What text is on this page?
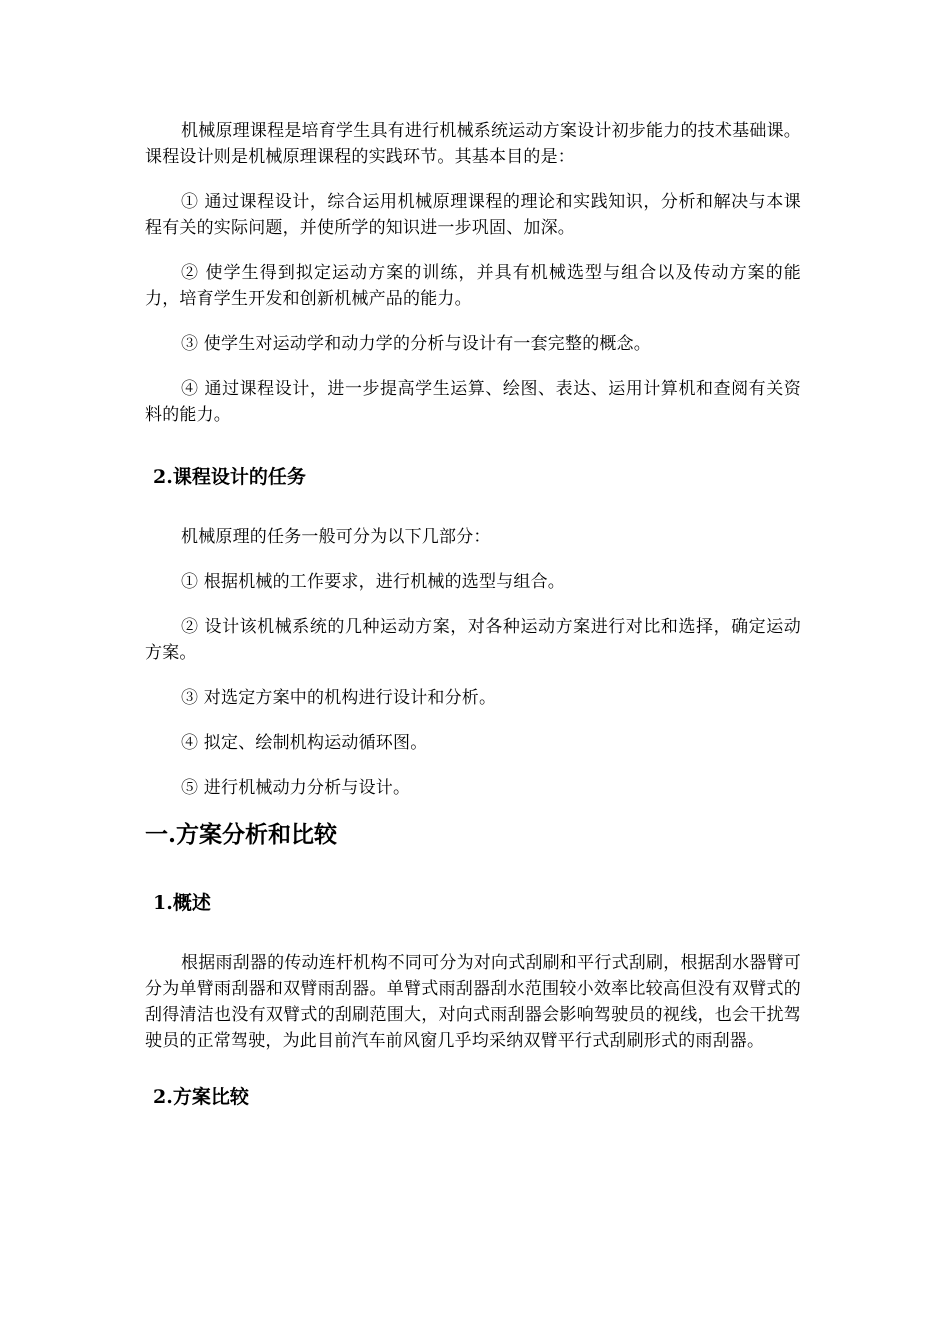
机械原理课程是培育学生具有进行机械系统运动方案设计初步能力的技术基础课。课程设计则是机械原理课程的实践环节。其基本目的是：

① 通过课程设计，综合运用机械原理课程的理论和实践知识，分析和解决与本课程有关的实际问题，并使所学的知识进一步巩固、加深。

② 使学生得到拟定运动方案的训练，并具有机械选型与组合以及传动方案的能力，培育学生开发和创新机械产品的能力。

③ 使学生对运动学和动力学的分析与设计有一套完整的概念。

④ 通过课程设计，进一步提高学生运算、绘图、表达、运用计算机和查阅有关资料的能力。

2.课程设计的任务

机械原理的任务一般可分为以下几部分：

① 根据机械的工作要求，进行机械的选型与组合。

② 设计该机械系统的几种运动方案，对各种运动方案进行对比和选择，确定运动方案。

③ 对选定方案中的机构进行设计和分析。

④ 拟定、绘制机构运动循环图。

⑤ 进行机械动力分析与设计。

一.方案分析和比较
1.概述

根据雨刮器的传动连杆机构不同可分为对向式刮刷和平行式刮刷，根据刮水器臂可分为单臂雨刮器和双臂雨刮器。单臂式雨刮器刮水范围较小效率比较高但没有双臂式的刮得清洁也没有双臂式的刮刷范围大，对向式雨刮器会影响驾驶员的视线，也会干扰驾驶员的正常驾驶，为此目前汽车前风窗几乎均采纳双臂平行式刮刷形式的雨刮器。

2.方案比较
